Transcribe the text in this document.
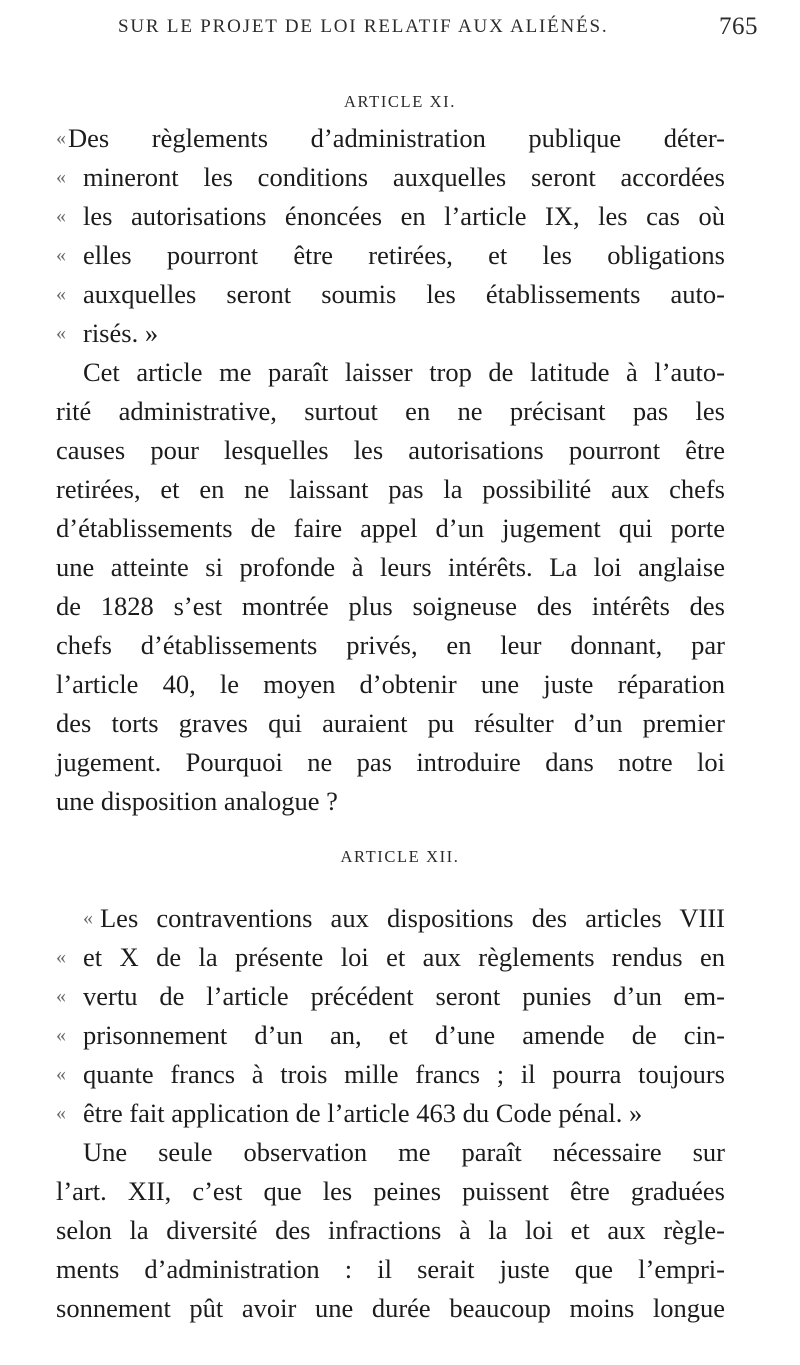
SUR LE PROJET DE LOI RELATIF AUX ALIÉNÉS.	765
ARTICLE XI.
« Des règlements d’administration publique déter-
« mineront les conditions auxquelles seront accordées
« les autorisations énoncées en l’article IX, les cas où
« elles pourront être retirées, et les obligations
« auxquelles seront soumis les établissements auto-
« risés. »
Cet article me paraît laisser trop de latitude à l’auto-
rité administrative, surtout en ne précisant pas les
causes pour lesquelles les autorisations pourront être
retirées, et en ne laissant pas la possibilité aux chefs
d’établissements de faire appel d’un jugement qui porte
une atteinte si profonde à leurs intérêts. La loi anglaise
de 1828 s’est montrée plus soigneuse des intérêts des
chefs d’établissements privés, en leur donnant, par
l’article 40, le moyen d’obtenir une juste réparation
des torts graves qui auraient pu résulter d’un premier
jugement. Pourquoi ne pas introduire dans notre loi
une disposition analogue ?
ARTICLE XII.
« Les contraventions aux dispositions des articles VIII
« et X de la présente loi et aux règlements rendus en
« vertu de l’article précédent seront punies d’un em-
« prisonnement d’un an, et d’une amende de cin-
« quante francs à trois mille francs ; il pourra toujours
« être fait application de l’article 463 du Code pénal. »
Une seule observation me paraît nécessaire sur
l’art. XII, c’est que les peines puissent être graduées
selon la diversité des infractions à la loi et aux règle-
ments d’administration : il serait juste que l’empri-
sonnement pût avoir une durée beaucoup moins longue
